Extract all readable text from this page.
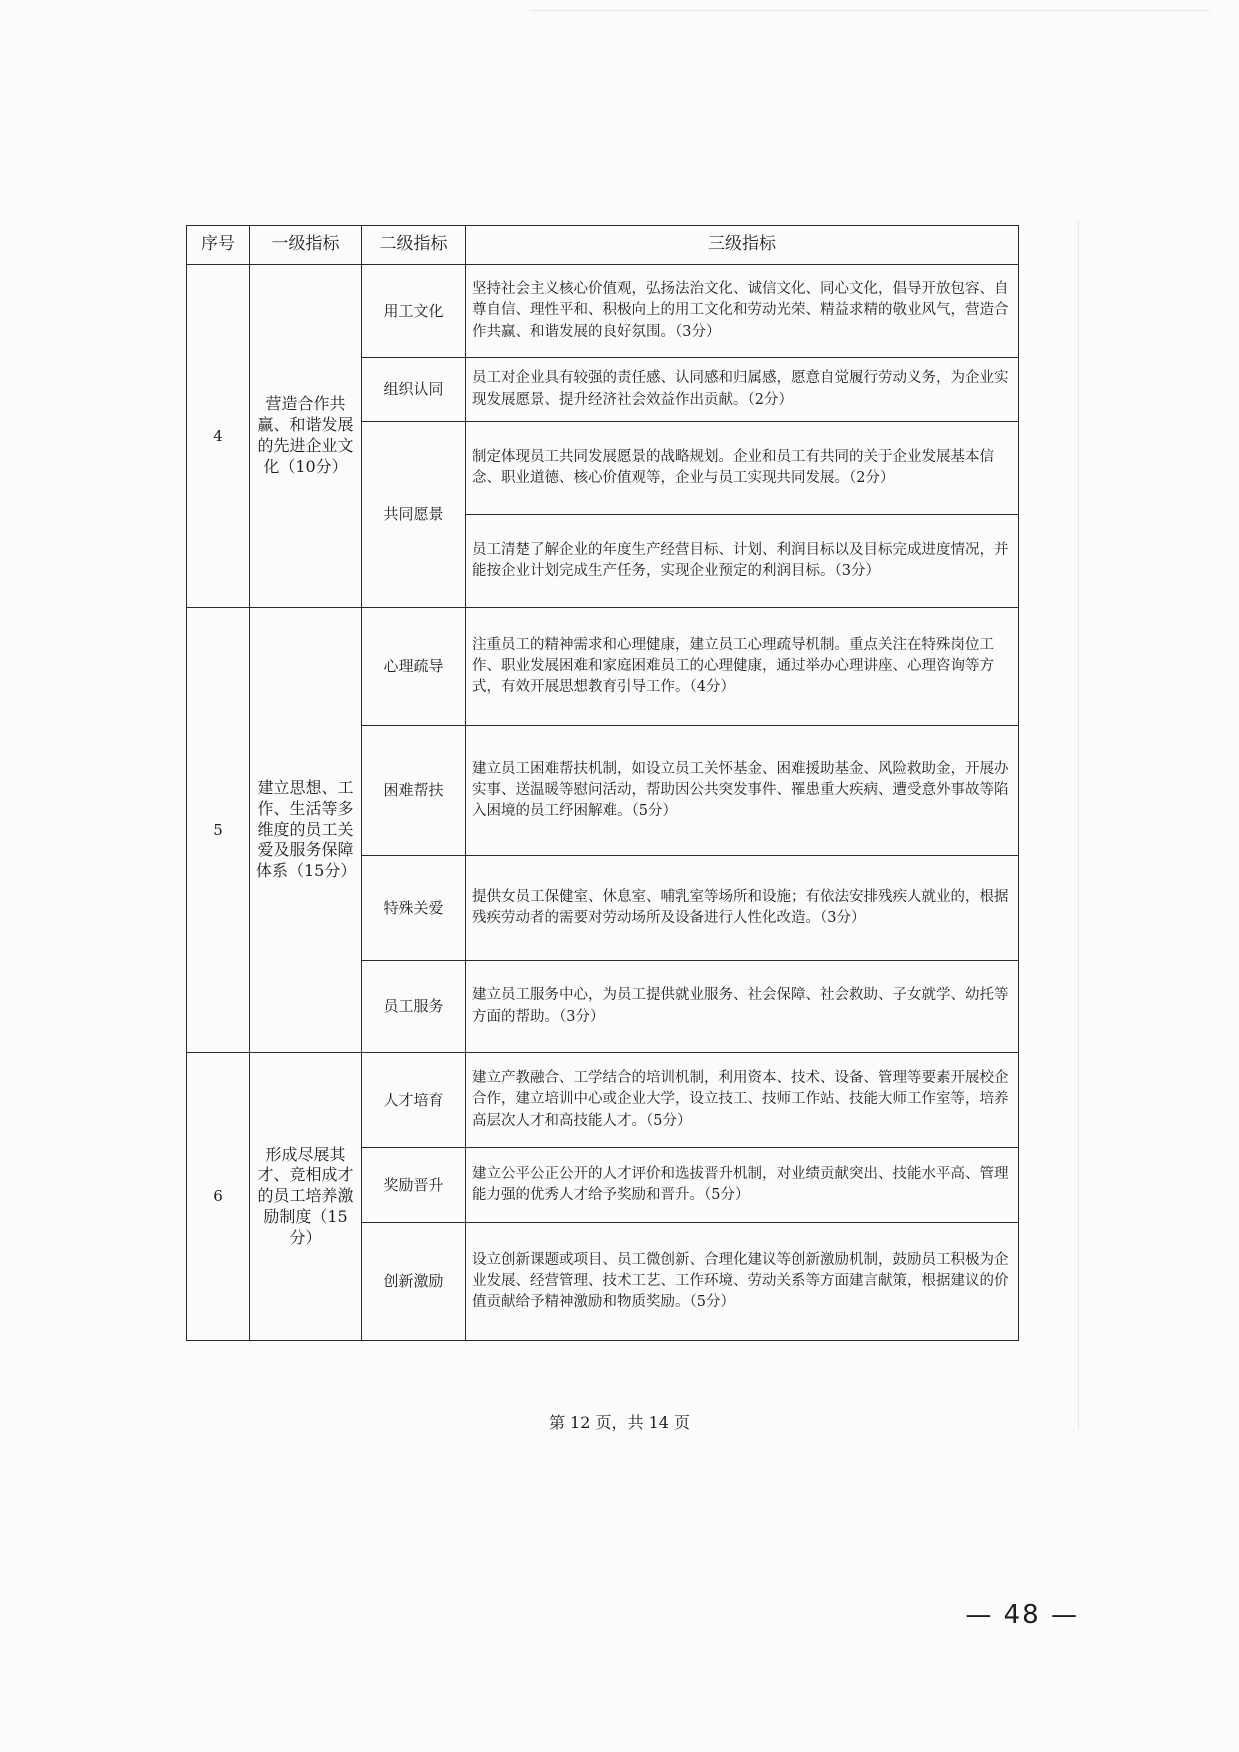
序号	一级指标	二级指标	三级指标
4	营造合作共赢、和谐发展的先进企业文化（10分）	用工文化	坚持社会主义核心价值观，弘扬法治文化、诚信文化、同心文化，倡导开放包容、自尊自信、理性平和、积极向上的用工文化和劳动光荣、精益求精的敬业风气，营造合作共赢、和谐发展的良好氛围。（3分）
		组织认同	员工对企业具有较强的责任感、认同感和归属感，愿意自觉履行劳动义务，为企业实现发展愿景、提升经济社会效益作出贡献。（2分）
		共同愿景	制定体现员工共同发展愿景的战略规划。企业和员工有共同的关于企业发展基本信念、职业道德、核心价值观等，企业与员工实现共同发展。（2分）
			员工清楚了解企业的年度生产经营目标、计划、利润目标以及目标完成进度情况，并能按企业计划完成生产任务，实现企业预定的利润目标。（3分）

5	建立思想、工作、生活等多维度的员工关爱及服务保障体系（15分）	心理疏导	注重员工的精神需求和心理健康，建立员工心理疏导机制。重点关注在特殊岗位工作、职业发展困难和家庭困难员工的心理健康，通过举办心理讲座、心理咨询等方式，有效开展思想教育引导工作。（4分）
		困难帮扶	建立员工困难帮扶机制，如设立员工关怀基金、困难援助基金、风险救助金，开展办实事、送温暖等慰问活动，帮助因公共突发事件、罹患重大疾病、遭受意外事故等陷入困境的员工纾困解难。（5分）
		特殊关爱	提供女员工保健室、休息室、哺乳室等场所和设施；有依法安排残疾人就业的，根据残疾劳动者的需要对劳动场所及设备进行人性化改造。（3分）
		员工服务	建立员工服务中心，为员工提供就业服务、社会保障、社会救助、子女就学、幼托等方面的帮助。（3分）
6	形成尽展其才、竞相成才的员工培养激励制度（15分）	人才培育	建立产教融合、工学结合的培训机制，利用资本、技术、设备、管理等要素开展校企合作，建立培训中心或企业大学，设立技工、技师工作站、技能大师工作室等，培养高层次人才和高技能人才。（5分）
		奖励晋升	建立公平公正公开的人才评价和选拔晋升机制，对业绩贡献突出、技能水平高、管理能力强的优秀人才给予奖励和晋升。（5分）
		创新激励	设立创新课题或项目、员工微创新、合理化建议等创新激励机制，鼓励员工积极为企业发展、经营管理、技术工艺、工作环境、劳动关系等方面建言献策，根据建议的价值贡献给予精神激励和物质奖励。（5分）
第 12 页，共 14 页
— 48 —
